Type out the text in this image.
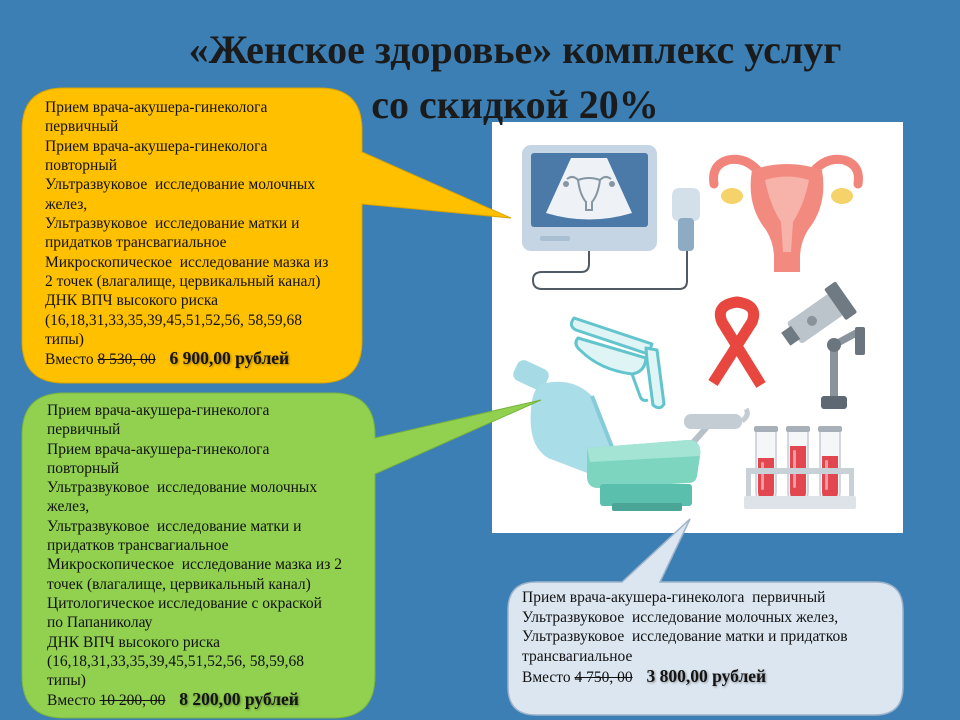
«Женское здоровье» комплекс услуг
со скидкой 20%
Прием врача-акушера-гинеколога
первичный
Прием врача-акушера-гинеколога
повторный
Ультразвуковое  исследование молочных
желез,
Ультразвуковое  исследование матки и
придатков трансвагиальное
Микроскопическое  исследование мазка из
2 точек (влагалище, цервикальный канал)
ДНК ВПЧ высокого риска
(16,18,31,33,35,39,45,51,52,56, 58,59,68
типы)
Вместо 8 530, 00 6 900,00 рублей
Прием врача-акушера-гинеколога
первичный
Прием врача-акушера-гинеколога
повторный
Ультразвуковое  исследование молочных
желез,
Ультразвуковое  исследование матки и
придатков трансвагиальное
Микроскопическое  исследование мазка из 2
точек (влагалище, цервикальный канал)
Цитологическое исследование с окраской
по Папаниколау
ДНК ВПЧ высокого риска
(16,18,31,33,35,39,45,51,52,56, 58,59,68
типы)
Вместо 10 200, 00 8 200,00 рублей
Прием врача-акушера-гинеколога  первичный
Ультразвуковое  исследование молочных желез,
Ультразвуковое  исследование матки и придатков
трансвагиальное
Вместо 4 750, 00 3 800,00 рублей
